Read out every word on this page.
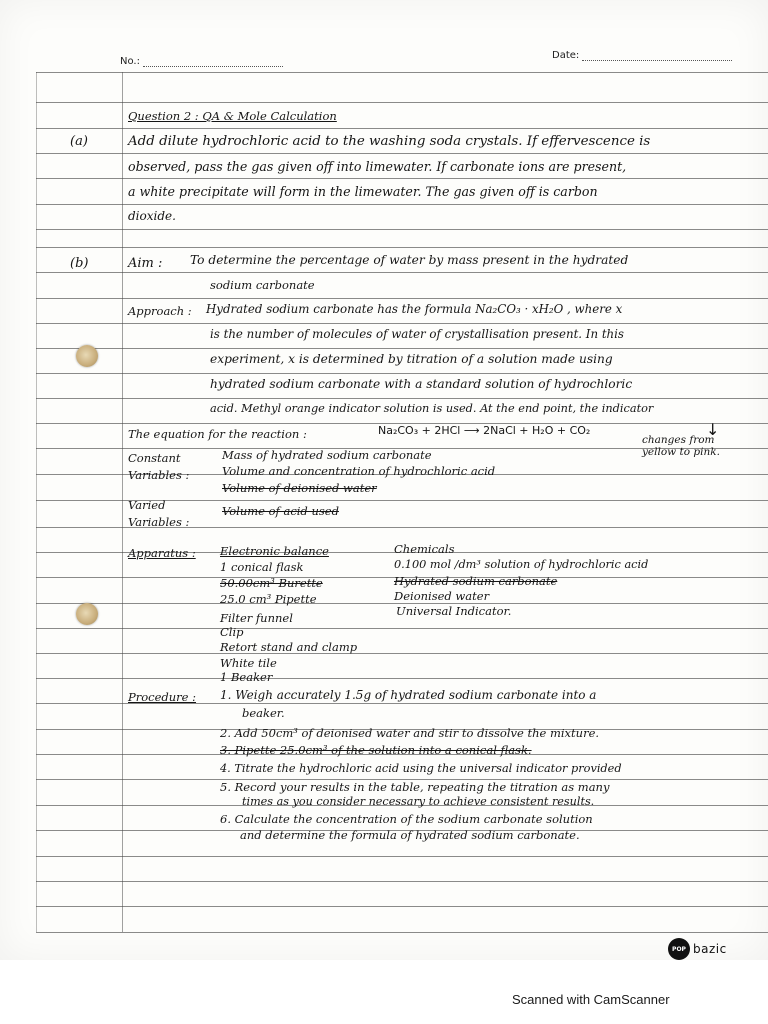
No.:
Date:
Question 2 : QA & Mole Calculation
(a)	Add dilute hydrochloric acid to the washing soda crystals. If effervescence is
observed, pass the gas given off into limewater. If carbonate ions are present,
a white precipitate will form in the limewater. The gas given off is carbon
dioxide.
(b)	Aim : To determine the percentage of water by mass present in the hydrated
sodium carbonate
Approach : Hydrated sodium carbonate has the formula Na₂CO₃ · xH₂O , where x
is the number of molecules of water of crystallisation present. In this
experiment, x is determined by titration of a solution made using
hydrated sodium carbonate with a standard solution of hydrochloric
acid. Methyl orange indicator solution is used. At the end point, the indicator
The equation for the reaction :	Na₂CO₃ + 2HCl ⟶ 2NaCl + H₂O + CO₂	↓
changes from
yellow to pink.
Constant	Mass of hydrated sodium carbonate
Variables :	Volume and concentration of hydrochloric acid
Volume of deionised water
Varied
Variables :
Volume of acid used
Apparatus : Electronic balance
1 conical flask
50.00cm³ Burette
25.0 cm³ Pipette
Filter funnel
Clip
Retort stand and clamp
White tile
1 Beaker
Chemicals
0.100 mol /dm³ solution of hydrochloric acid
Hydrated sodium carbonate
Deionised water
Universal Indicator.
Procedure : 1. Weigh accurately 1.5g of hydrated sodium carbonate into a
beaker.
2. Add 50cm³ of deionised water and stir to dissolve the mixture.
3. Pipette 25.0cm³ of the solution into a conical flask.
4. Titrate the hydrochloric acid using the universal indicator provided
5. Record your results in the table, repeating the titration as many
times as you consider necessary to achieve consistent results.
6. Calculate the concentration of the sodium carbonate solution
and determine the formula of hydrated sodium carbonate.
POP bazic
Scanned with CamScanner
